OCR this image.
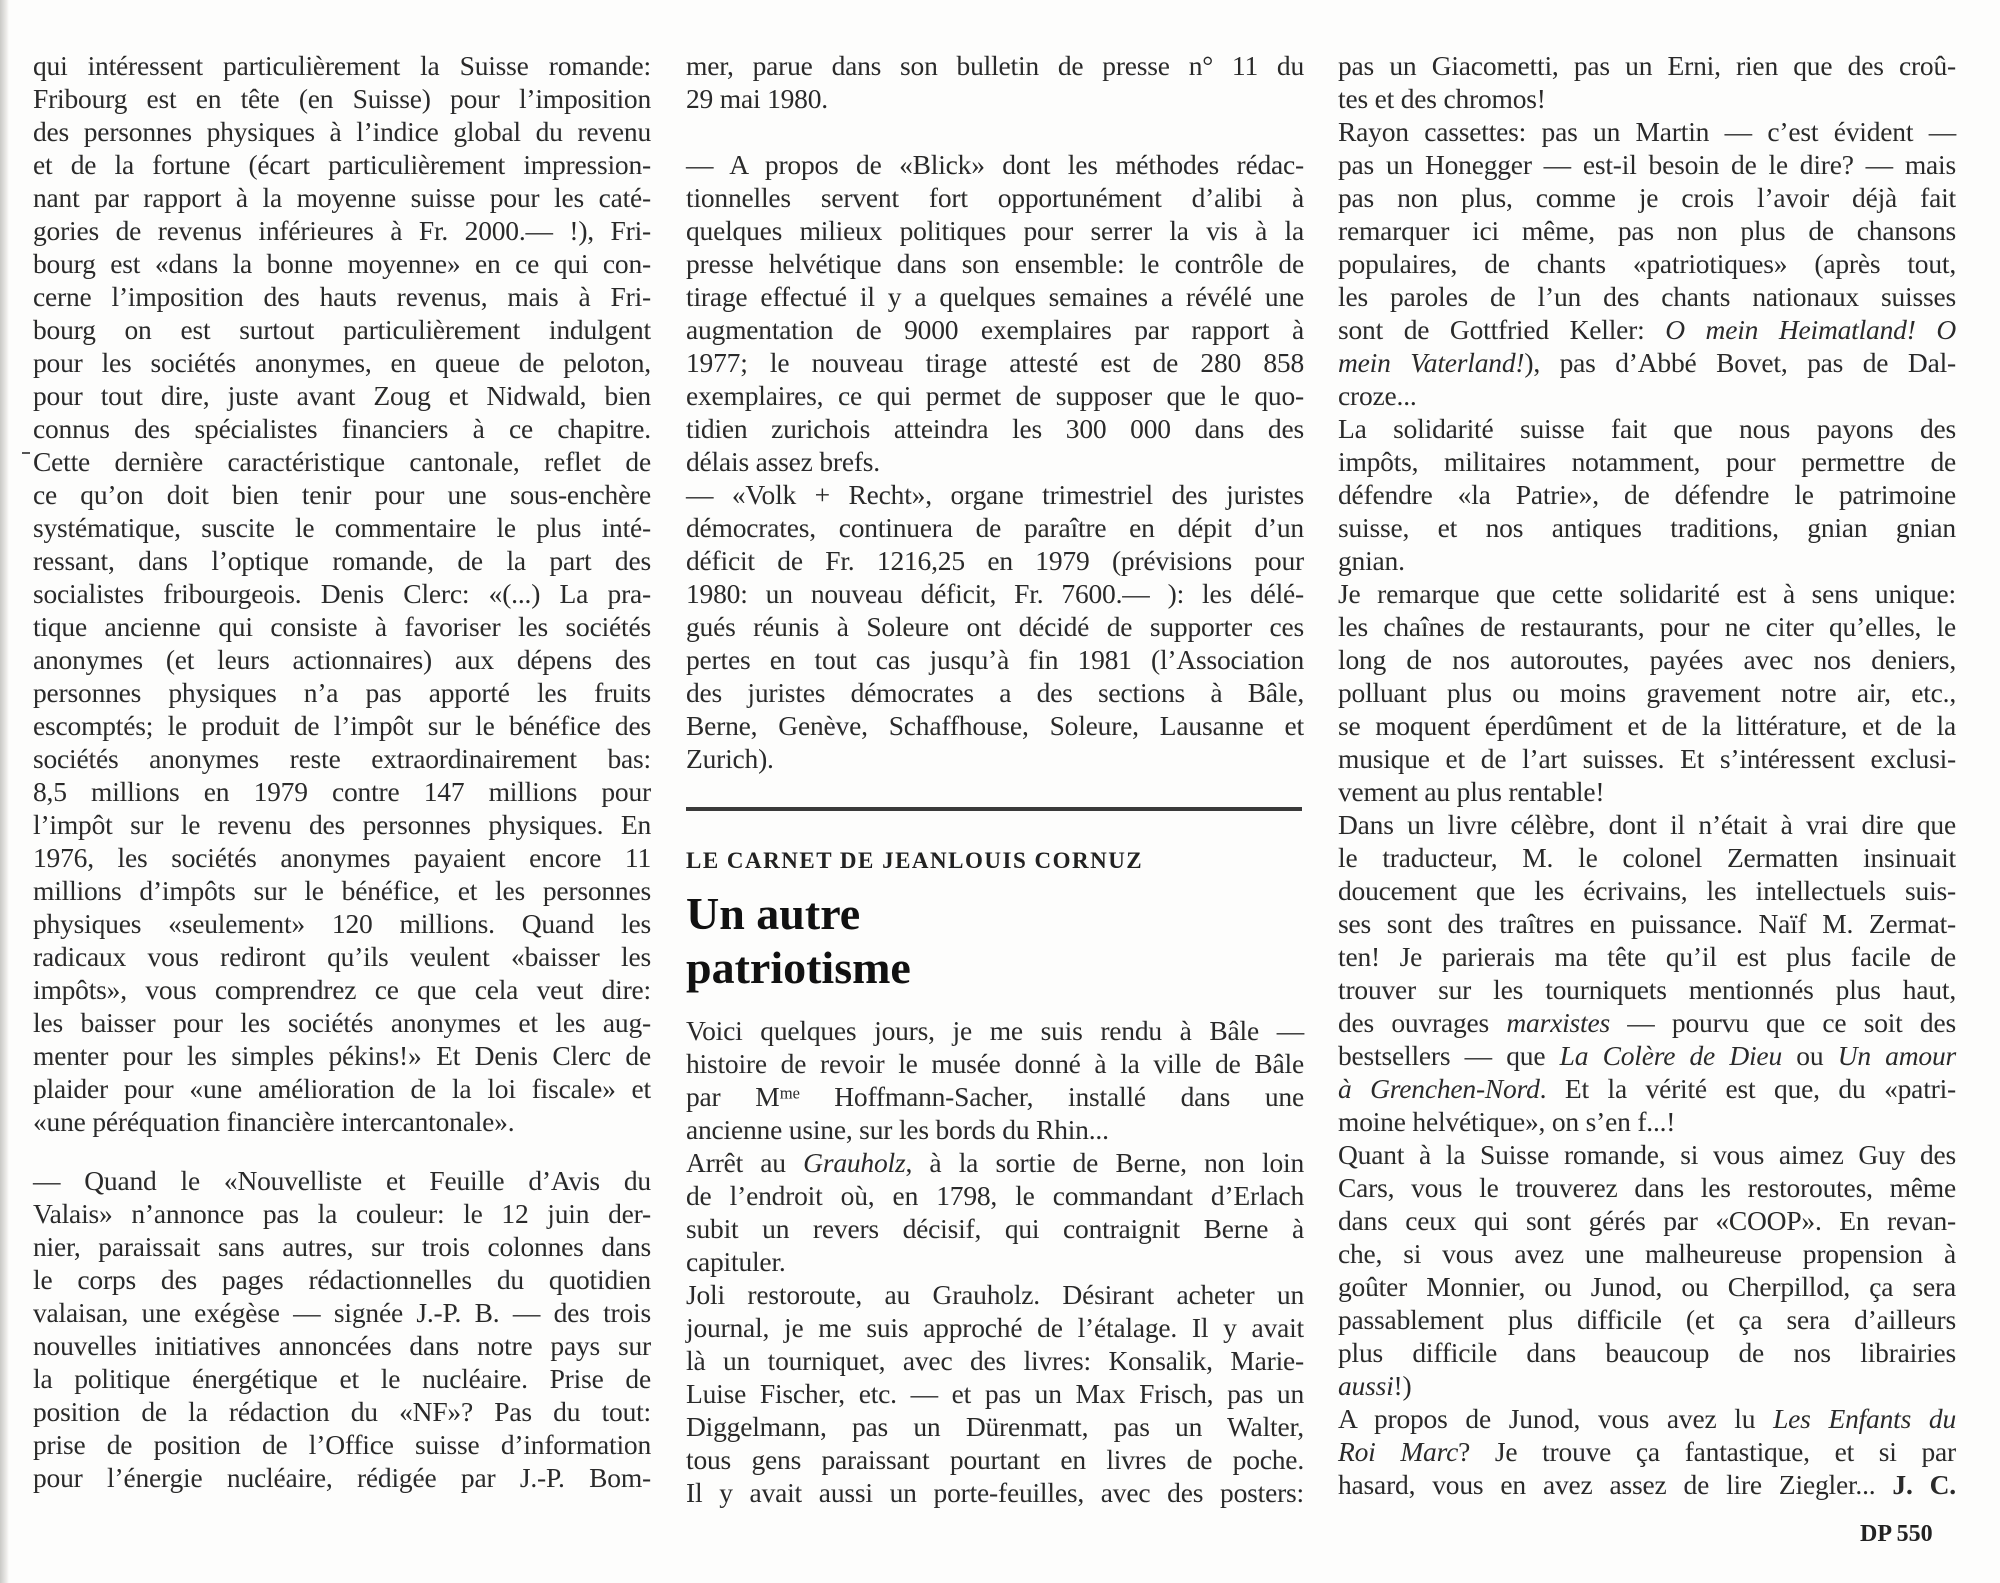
qui intéressent particulièrement la Suisse romande:
Fribourg est en tête (en Suisse) pour l’imposition
des personnes physiques à l’indice global du revenu
et de la fortune (écart particulièrement impression-
nant par rapport à la moyenne suisse pour les caté-
gories de revenus inférieures à Fr. 2000.— !), Fri-
bourg est «dans la bonne moyenne» en ce qui con-
cerne l’imposition des hauts revenus, mais à Fri-
bourg on est surtout particulièrement indulgent
pour les sociétés anonymes, en queue de peloton,
pour tout dire, juste avant Zoug et Nidwald, bien
connus des spécialistes financiers à ce chapitre.
Cette dernière caractéristique cantonale, reflet de
ce qu’on doit bien tenir pour une sous-enchère
systématique, suscite le commentaire le plus inté-
ressant, dans l’optique romande, de la part des
socialistes fribourgeois. Denis Clerc: «(...) La pra-
tique ancienne qui consiste à favoriser les sociétés
anonymes (et leurs actionnaires) aux dépens des
personnes physiques n’a pas apporté les fruits
escomptés; le produit de l’impôt sur le bénéfice des
sociétés anonymes reste extraordinairement bas:
8,5 millions en 1979 contre 147 millions pour
l’impôt sur le revenu des personnes physiques. En
1976, les sociétés anonymes payaient encore 11
millions d’impôts sur le bénéfice, et les personnes
physiques «seulement» 120 millions. Quand les
radicaux vous rediront qu’ils veulent «baisser les
impôts», vous comprendrez ce que cela veut dire:
les baisser pour les sociétés anonymes et les aug-
menter pour les simples pékins!» Et Denis Clerc de
plaider pour «une amélioration de la loi fiscale» et
«une péréquation financière intercantonale».
— Quand le «Nouvelliste et Feuille d’Avis du
Valais» n’annonce pas la couleur: le 12 juin der-
nier, paraissait sans autres, sur trois colonnes dans
le corps des pages rédactionnelles du quotidien
valaisan, une exégèse — signée J.-P. B. — des trois
nouvelles initiatives annoncées dans notre pays sur
la politique énergétique et le nucléaire. Prise de
position de la rédaction du «NF»? Pas du tout:
prise de position de l’Office suisse d’information
pour l’énergie nucléaire, rédigée par J.-P. Bom-
mer, parue dans son bulletin de presse n° 11 du
29 mai 1980.
— A propos de «Blick» dont les méthodes rédac-
tionnelles servent fort opportunément d’alibi à
quelques milieux politiques pour serrer la vis à la
presse helvétique dans son ensemble: le contrôle de
tirage effectué il y a quelques semaines a révélé une
augmentation de 9000 exemplaires par rapport à
1977; le nouveau tirage attesté est de 280 858
exemplaires, ce qui permet de supposer que le quo-
tidien zurichois atteindra les 300 000 dans des
délais assez brefs.
— «Volk + Recht», organe trimestriel des juristes
démocrates, continuera de paraître en dépit d’un
déficit de Fr. 1216,25 en 1979 (prévisions pour
1980: un nouveau déficit, Fr. 7600.— ): les délé-
gués réunis à Soleure ont décidé de supporter ces
pertes en tout cas jusqu’à fin 1981 (l’Association
des juristes démocrates a des sections à Bâle,
Berne, Genève, Schaffhouse, Soleure, Lausanne et
Zurich).
LE CARNET DE JEANLOUIS CORNUZ
Un autre
patriotisme
Voici quelques jours, je me suis rendu à Bâle —
histoire de revoir le musée donné à la ville de Bâle
par Mᵐᵉ Hoffmann-Sacher, installé dans une
ancienne usine, sur les bords du Rhin...
Arrêt au Grauholz, à la sortie de Berne, non loin
de l’endroit où, en 1798, le commandant d’Erlach
subit un revers décisif, qui contraignit Berne à
capituler.
Joli restoroute, au Grauholz. Désirant acheter un
journal, je me suis approché de l’étalage. Il y avait
là un tourniquet, avec des livres: Konsalik, Marie-
Luise Fischer, etc. — et pas un Max Frisch, pas un
Diggelmann, pas un Dürenmatt, pas un Walter,
tous gens paraissant pourtant en livres de poche.
Il y avait aussi un porte-feuilles, avec des posters:
pas un Giacometti, pas un Erni, rien que des croû-
tes et des chromos!
Rayon cassettes: pas un Martin — c’est évident —
pas un Honegger — est-il besoin de le dire? — mais
pas non plus, comme je crois l’avoir déjà fait
remarquer ici même, pas non plus de chansons
populaires, de chants «patriotiques» (après tout,
les paroles de l’un des chants nationaux suisses
sont de Gottfried Keller: O mein Heimatland! O
mein Vaterland!), pas d’Abbé Bovet, pas de Dal-
croze...
La solidarité suisse fait que nous payons des
impôts, militaires notamment, pour permettre de
défendre «la Patrie», de défendre le patrimoine
suisse, et nos antiques traditions, gnian gnian
gnian.
Je remarque que cette solidarité est à sens unique:
les chaînes de restaurants, pour ne citer qu’elles, le
long de nos autoroutes, payées avec nos deniers,
polluant plus ou moins gravement notre air, etc.,
se moquent éperdûment et de la littérature, et de la
musique et de l’art suisses. Et s’intéressent exclusi-
vement au plus rentable!
Dans un livre célèbre, dont il n’était à vrai dire que
le traducteur, M. le colonel Zermatten insinuait
doucement que les écrivains, les intellectuels suis-
ses sont des traîtres en puissance. Naïf M. Zermat-
ten! Je parierais ma tête qu’il est plus facile de
trouver sur les tourniquets mentionnés plus haut,
des ouvrages marxistes — pourvu que ce soit des
bestsellers — que La Colère de Dieu ou Un amour
à Grenchen-Nord. Et la vérité est que, du «patri-
moine helvétique», on s’en f...!
Quant à la Suisse romande, si vous aimez Guy des
Cars, vous le trouverez dans les restoroutes, même
dans ceux qui sont gérés par «COOP». En revan-
che, si vous avez une malheureuse propension à
goûter Monnier, ou Junod, ou Cherpillod, ça sera
passablement plus difficile (et ça sera d’ailleurs
plus difficile dans beaucoup de nos librairies
aussi!)
A propos de Junod, vous avez lu Les Enfants du
Roi Marc? Je trouve ça fantastique, et si par
hasard, vous en avez assez de lire Ziegler... J. C.
DP 550
